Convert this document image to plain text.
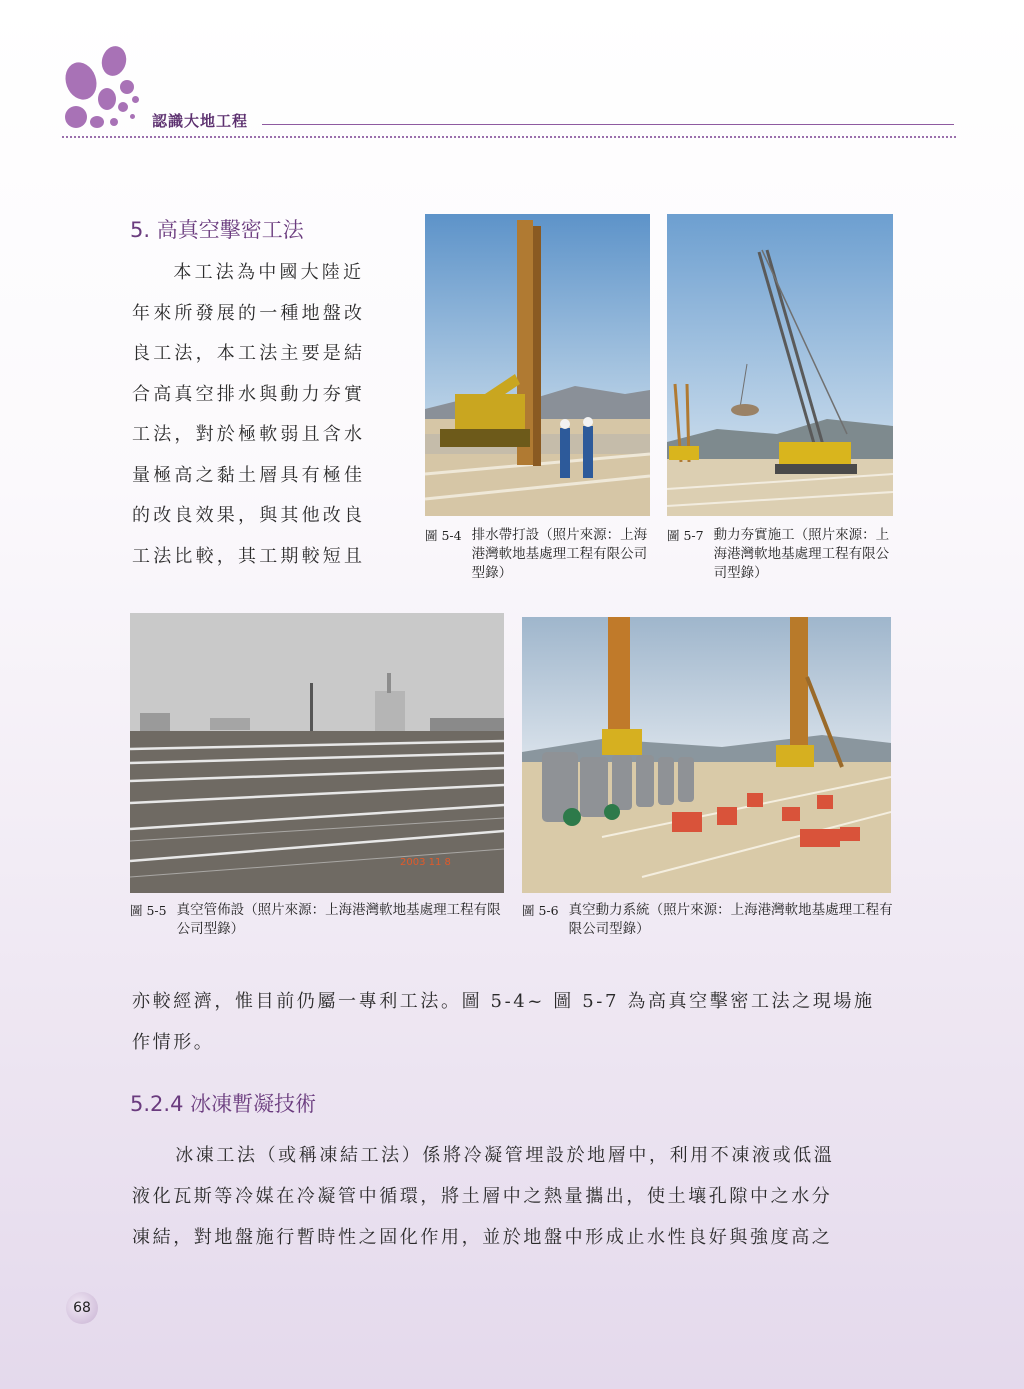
認識大地工程
5. 高真空擊密工法
本工法為中國大陸近
年來所發展的一種地盤改
良工法，本工法主要是結
合高真空排水與動力夯實
工法，對於極軟弱且含水
量極高之黏土層具有極佳
的改良效果，與其他改良
工法比較，其工期較短且
圖 5-4 排水帶打設（照片來源：上海港灣軟地基處理工程有限公司型錄）
圖 5-7 動力夯實施工（照片來源：上海港灣軟地基處理工程有限公司型錄）
2003 11 8
圖 5-5 真空管佈設（照片來源：上海港灣軟地基處理工程有限公司型錄）
圖 5-6 真空動力系統（照片來源：上海港灣軟地基處理工程有限公司型錄）
亦較經濟，惟目前仍屬一專利工法。圖 5-4~ 圖 5-7 為高真空擊密工法之現場施
作情形。
5.2.4 冰凍暫凝技術
冰凍工法（或稱凍結工法）係將冷凝管埋設於地層中，利用不凍液或低溫
液化瓦斯等冷媒在冷凝管中循環，將土層中之熱量攜出，使土壤孔隙中之水分
凍結，對地盤施行暫時性之固化作用，並於地盤中形成止水性良好與強度高之
68
